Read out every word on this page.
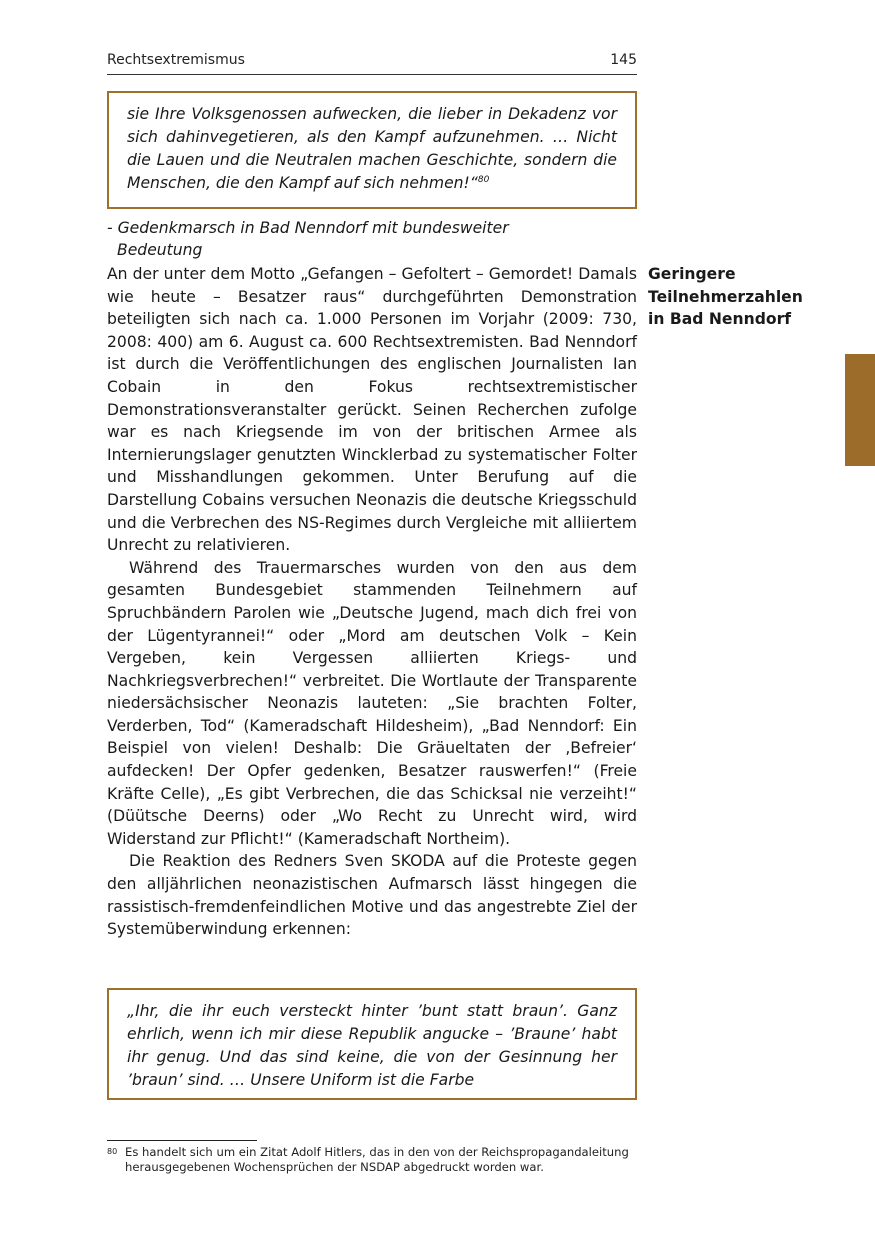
Rechtsextremismus	145

sie Ihre Volksgenossen aufwecken, die lieber in Dekadenz vor sich dahinvegetieren, als den Kampf aufzunehmen. … Nicht die Lauen und die Neutralen machen Geschichte, sondern die Menschen, die den Kampf auf sich nehmen!“$^{80}$

- Gedenkmarsch in Bad Nenndorf mit bundesweiter
Bedeutung
Geringere Teilnehmerzahlen in Bad Nenndorf

An der unter dem Motto „Gefangen – Gefoltert – Gemordet! Damals wie heute – Besatzer raus“ durchgeführten Demonstration beteiligten sich nach ca. 1.000 Personen im Vorjahr (2009: 730, 2008: 400) am 6. August ca. 600 Rechtsextremisten. Bad Nenndorf ist durch die Veröffentlichungen des englischen Journalisten Ian Cobain in den Fokus rechtsextremistischer Demonstrationsveranstalter gerückt. Seinen Recherchen zufolge war es nach Kriegsende im von der britischen Armee als Internierungslager genutzten Wincklerbad zu systematischer Folter und Misshandlungen gekommen. Unter Berufung auf die Darstellung Cobains versuchen Neonazis die deutsche Kriegsschuld und die Verbrechen des NS-Regimes durch Vergleiche mit alliiertem Unrecht zu relativieren.

Während des Trauermarsches wurden von den aus dem gesamten Bundesgebiet stammenden Teilnehmern auf Spruchbändern Parolen wie „Deutsche Jugend, mach dich frei von der Lügentyrannei!“ oder „Mord am deutschen Volk – Kein Vergeben, kein Vergessen alliierten Kriegs- und Nachkriegsverbrechen!“ verbreitet. Die Wortlaute der Transparente niedersächsischer Neonazis lauteten: „Sie brachten Folter, Verderben, Tod“ (Kameradschaft Hildesheim), „Bad Nenndorf: Ein Beispiel von vielen! Deshalb: Die Gräueltaten der ‚Befreier‘ aufdecken! Der Opfer gedenken, Besatzer rauswerfen!“ (Freie Kräfte Celle), „Es gibt Verbrechen, die das Schicksal nie verzeiht!“ (Düütsche Deerns) oder „Wo Recht zu Unrecht wird, wird Widerstand zur Pflicht!“ (Kameradschaft Northeim).

Die Reaktion des Redners Sven SKODA auf die Proteste gegen den alljährlichen neonazistischen Aufmarsch lässt hingegen die rassistisch-fremdenfeindlichen Motive und das angestrebte Ziel der Systemüberwindung erkennen:

„Ihr, die ihr euch versteckt hinter ’bunt statt braun’. Ganz ehrlich, wenn ich mir diese Republik angucke – ’Braune’ habt ihr genug. Und das sind keine, die von der Gesinnung her ’braun’ sind. … Unsere Uniform ist die Farbe

80 Es handelt sich um ein Zitat Adolf Hitlers, das in den von der Reichspropagandaleitung herausgegebenen Wochensprüchen der NSDAP abgedruckt worden war.
